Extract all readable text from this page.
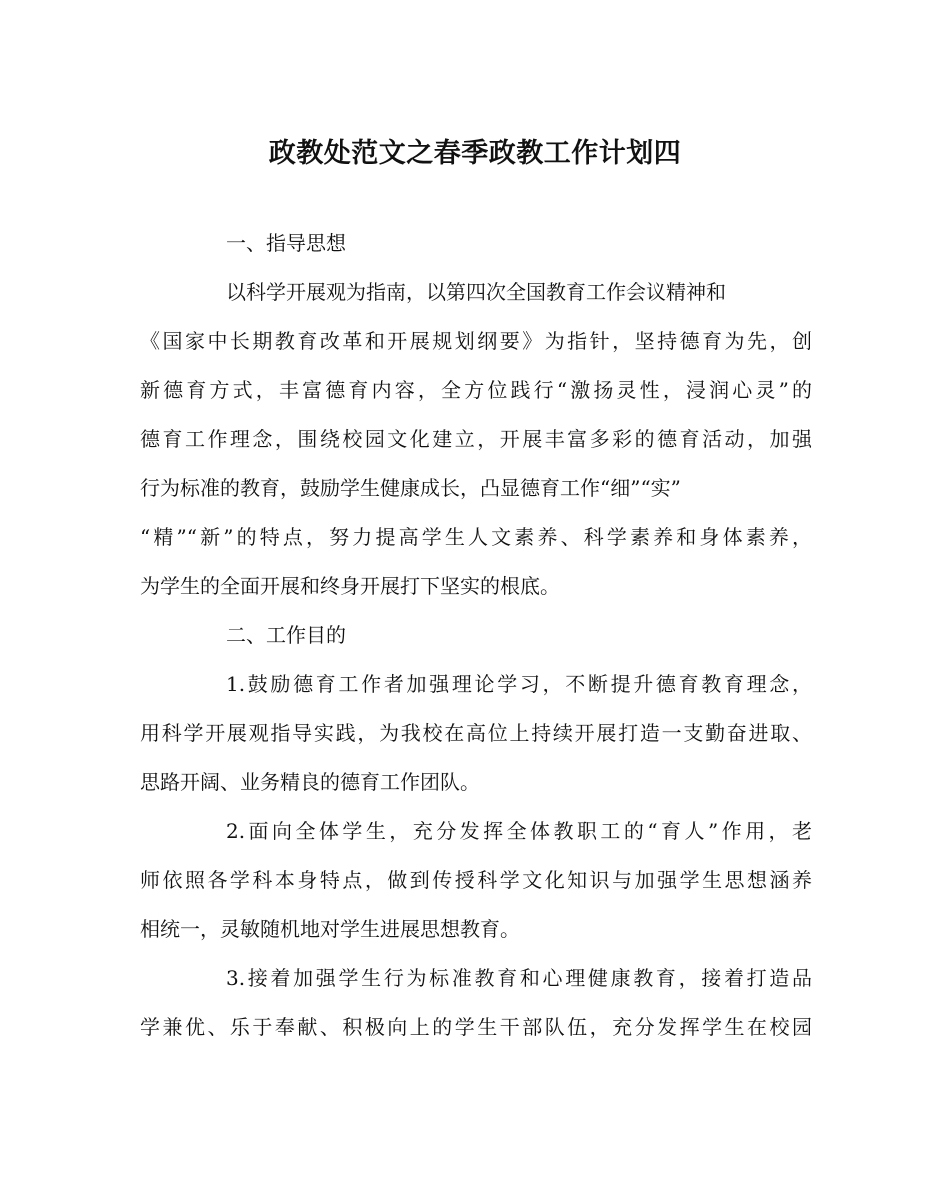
政教处范文之春季政教工作计划四
一、指导思想
以科学开展观为指南，以第四次全国教育工作会议精神和
《国家中长期教育改革和开展规划纲要》为指针，坚持德育为先，创
新德育方式，丰富德育内容，全方位践行“激扬灵性，浸润心灵”的
德育工作理念，围绕校园文化建立，开展丰富多彩的德育活动，加强
行为标准的教育，鼓励学生健康成长，凸显德育工作“细”“实”
“精”“新”的特点，努力提高学生人文素养、科学素养和身体素养，
为学生的全面开展和终身开展打下坚实的根底。
二、工作目的
1.鼓励德育工作者加强理论学习，不断提升德育教育理念，
用科学开展观指导实践，为我校在高位上持续开展打造一支勤奋进取、
思路开阔、业务精良的德育工作团队。
2.面向全体学生，充分发挥全体教职工的“育人”作用，老
师依照各学科本身特点，做到传授科学文化知识与加强学生思想涵养
相统一，灵敏随机地对学生进展思想教育。
3.接着加强学生行为标准教育和心理健康教育，接着打造品
学兼优、乐于奉献、积极向上的学生干部队伍，充分发挥学生在校园
